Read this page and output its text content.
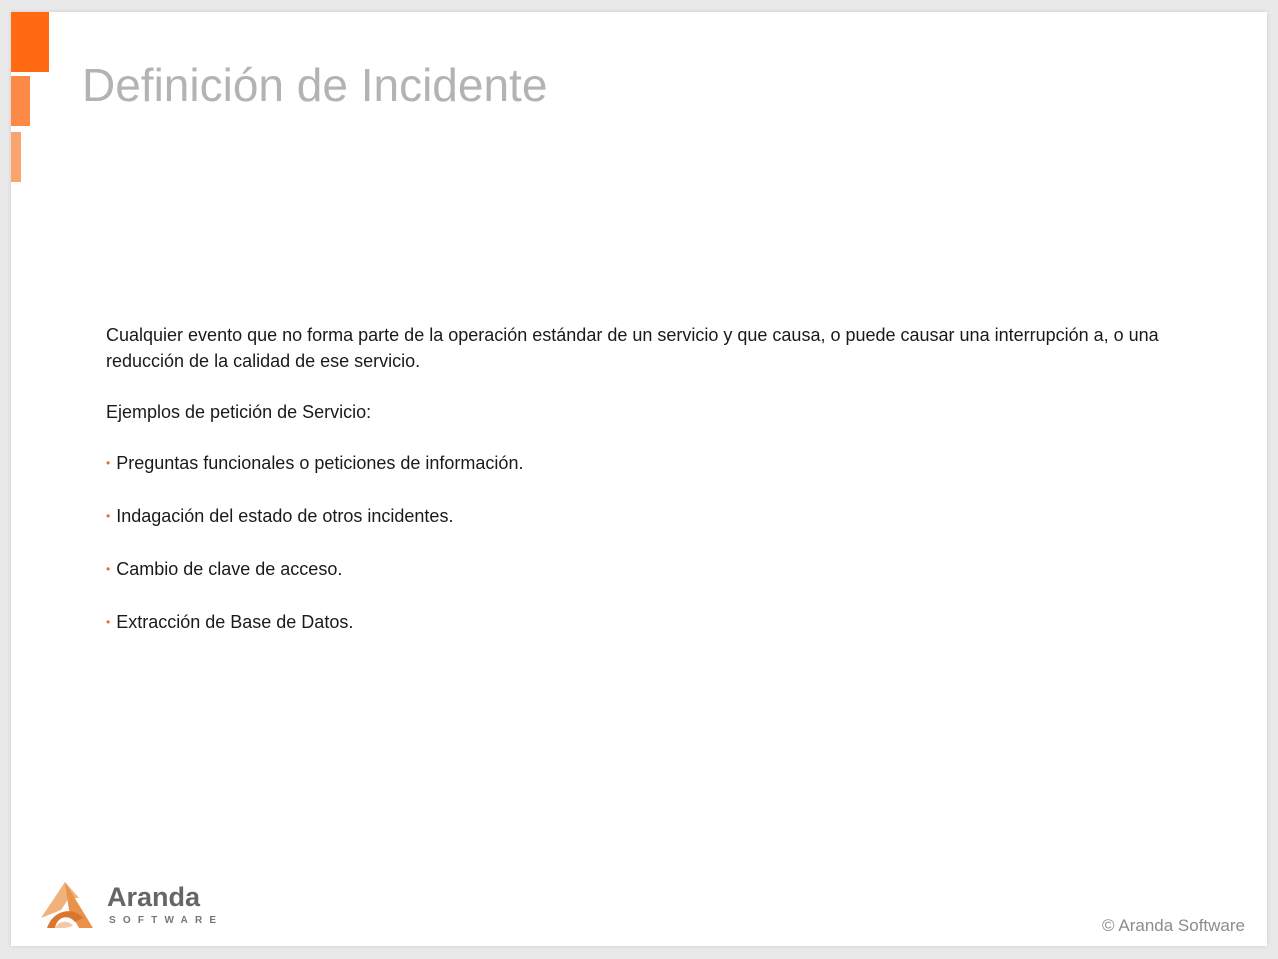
Definición de Incidente

Cualquier evento que no forma parte de la operación estándar de un servicio y que causa, o puede causar una interrupción a, o una reducción de la calidad de ese servicio.

Ejemplos de petición de Servicio:

• Preguntas funcionales o peticiones de información.
• Indagación del estado de otros incidentes.
• Cambio de clave de acceso.
• Extracción de Base de Datos.
Aranda
SOFTWARE	© Aranda Software
